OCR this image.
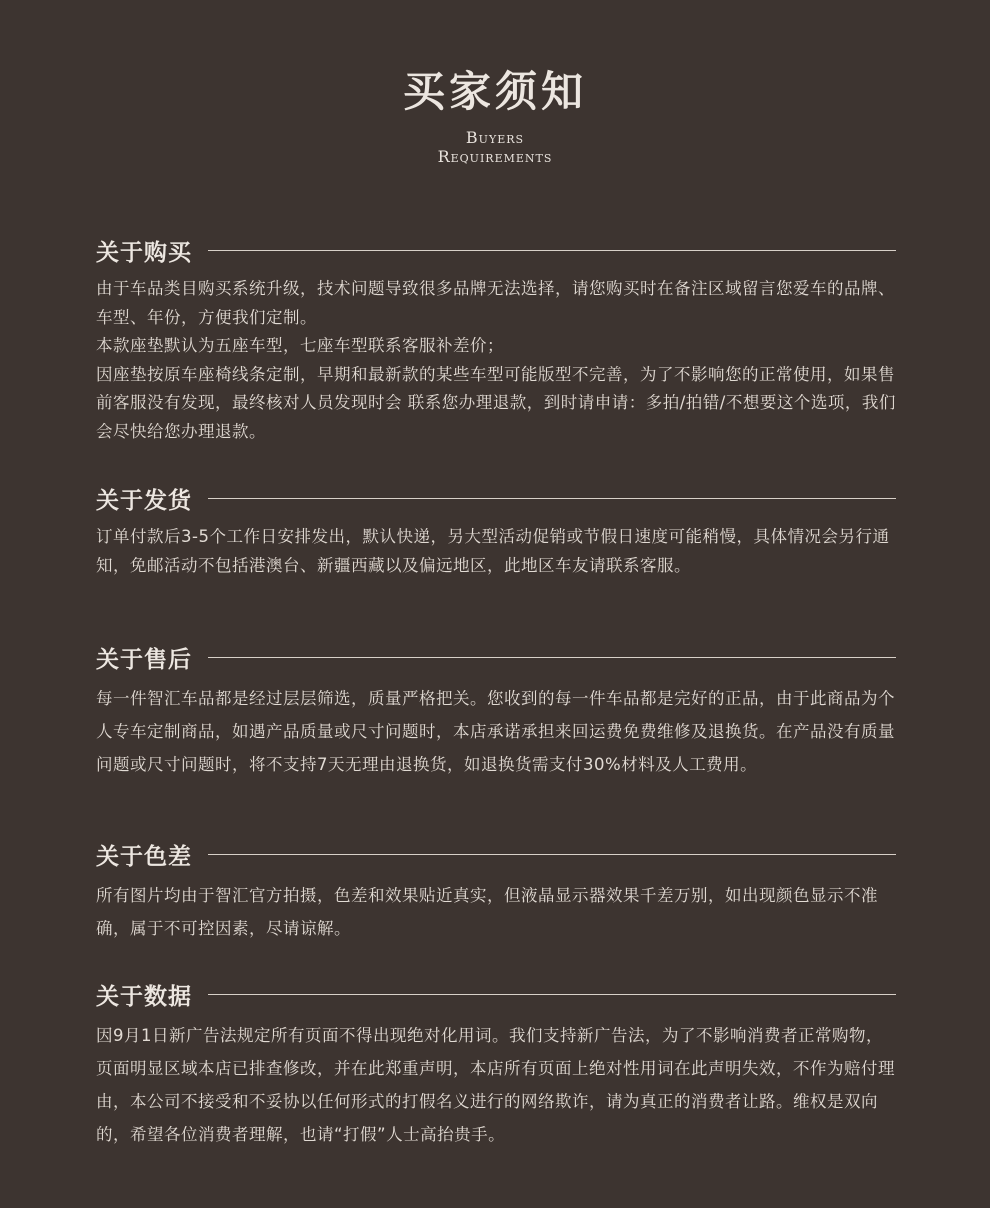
买家须知
Buyers
Requirements
关于购买

由于车品类目购买系统升级，技术问题导致很多品牌无法选择，请您购买时在备注区域留言您爱车的品牌、车型、年份，方便我们定制。

本款座垫默认为五座车型，七座车型联系客服补差价；

因座垫按原车座椅线条定制，早期和最新款的某些车型可能版型不完善，为了不影响您的正常使用，如果售前客服没有发现，最终核对人员发现时会 联系您办理退款，到时请申请：多拍/拍错/不想要这个选项，我们会尽快给您办理退款。

关于发货

订单付款后3-5个工作日安排发出，默认快递，另大型活动促销或节假日速度可能稍慢，具体情况会另行通知，免邮活动不包括港澳台、新疆西藏以及偏远地区，此地区车友请联系客服。

关于售后

每一件智汇车品都是经过层层筛选，质量严格把关。您收到的每一件车品都是完好的正品，由于此商品为个人专车定制商品，如遇产品质量或尺寸问题时，本店承诺承担来回运费免费维修及退换货。在产品没有质量问题或尺寸问题时，将不支持7天无理由退换货，如退换货需支付30%材料及人工费用。

关于色差

所有图片均由于智汇官方拍摄，色差和效果贴近真实，但液晶显示器效果千差万别，如出现颜色显示不准确，属于不可控因素，尽请谅解。

关于数据

因9月1日新广告法规定所有页面不得出现绝对化用词。我们支持新广告法，为了不影响消费者正常购物，页面明显区域本店已排查修改，并在此郑重声明，本店所有页面上绝对性用词在此声明失效，不作为赔付理由，本公司不接受和不妥协以任何形式的打假名义进行的网络欺诈，请为真正的消费者让路。维权是双向的，希望各位消费者理解，也请“打假”人士高抬贵手。
